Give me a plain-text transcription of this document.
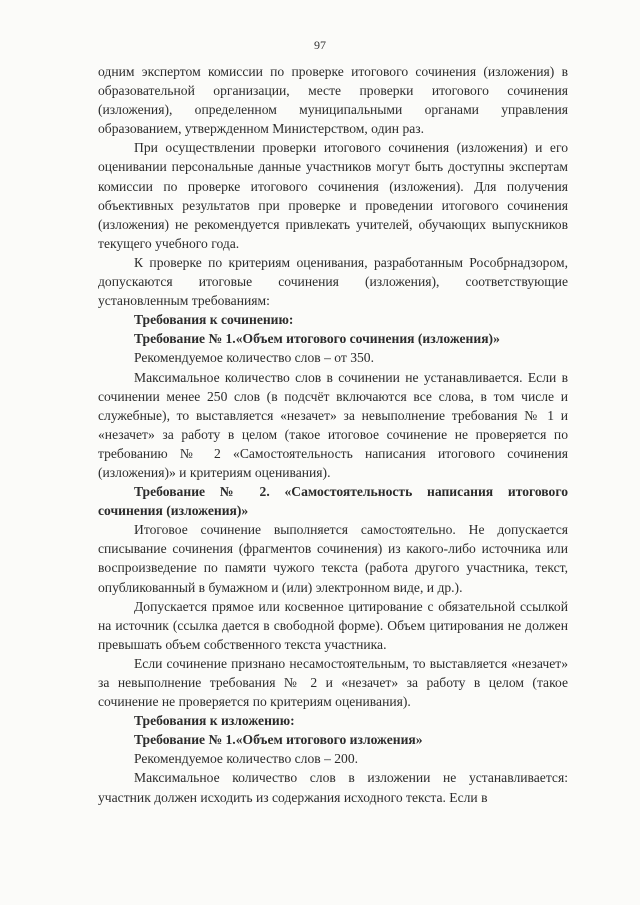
97

одним экспертом комиссии по проверке итогового сочинения (изложения) в образовательной организации, месте проверки итогового сочинения (изложения), определенном муниципальными органами управления образованием, утвержденном Министерством, один раз.

При осуществлении проверки итогового сочинения (изложения) и его оценивании персональные данные участников могут быть доступны экспертам комиссии по проверке итогового сочинения (изложения). Для получения объективных результатов при проверке и проведении итогового сочинения (изложения) не рекомендуется привлекать учителей, обучающих выпускников текущего учебного года.

К проверке по критериям оценивания, разработанным Рособрнадзором, допускаются итоговые сочинения (изложения), соответствующие установленным требованиям:

Требования к сочинению:

Требование № 1.«Объем итогового сочинения (изложения)»

Рекомендуемое количество слов – от 350.

Максимальное количество слов в сочинении не устанавливается. Если в сочинении менее 250 слов (в подсчёт включаются все слова, в том числе и служебные), то выставляется «незачет» за невыполнение требования № 1 и «незачет» за работу в целом (такое итоговое сочинение не проверяется по требованию № 2 «Самостоятельность написания итогового сочинения (изложения)» и критериям оценивания).

Требование № 2. «Самостоятельность написания итогового сочинения (изложения)»

Итоговое сочинение выполняется самостоятельно. Не допускается списывание сочинения (фрагментов сочинения) из какого-либо источника или воспроизведение по памяти чужого текста (работа другого участника, текст, опубликованный в бумажном и (или) электронном виде, и др.).

Допускается прямое или косвенное цитирование с обязательной ссылкой на источник (ссылка дается в свободной форме). Объем цитирования не должен превышать объем собственного текста участника.

Если сочинение признано несамостоятельным, то выставляется «незачет» за невыполнение требования № 2 и «незачет» за работу в целом (такое сочинение не проверяется по критериям оценивания).

Требования к изложению:

Требование № 1.«Объем итогового изложения»

Рекомендуемое количество слов – 200.

Максимальное количество слов в изложении не устанавливается: участник должен исходить из содержания исходного текста. Если в
